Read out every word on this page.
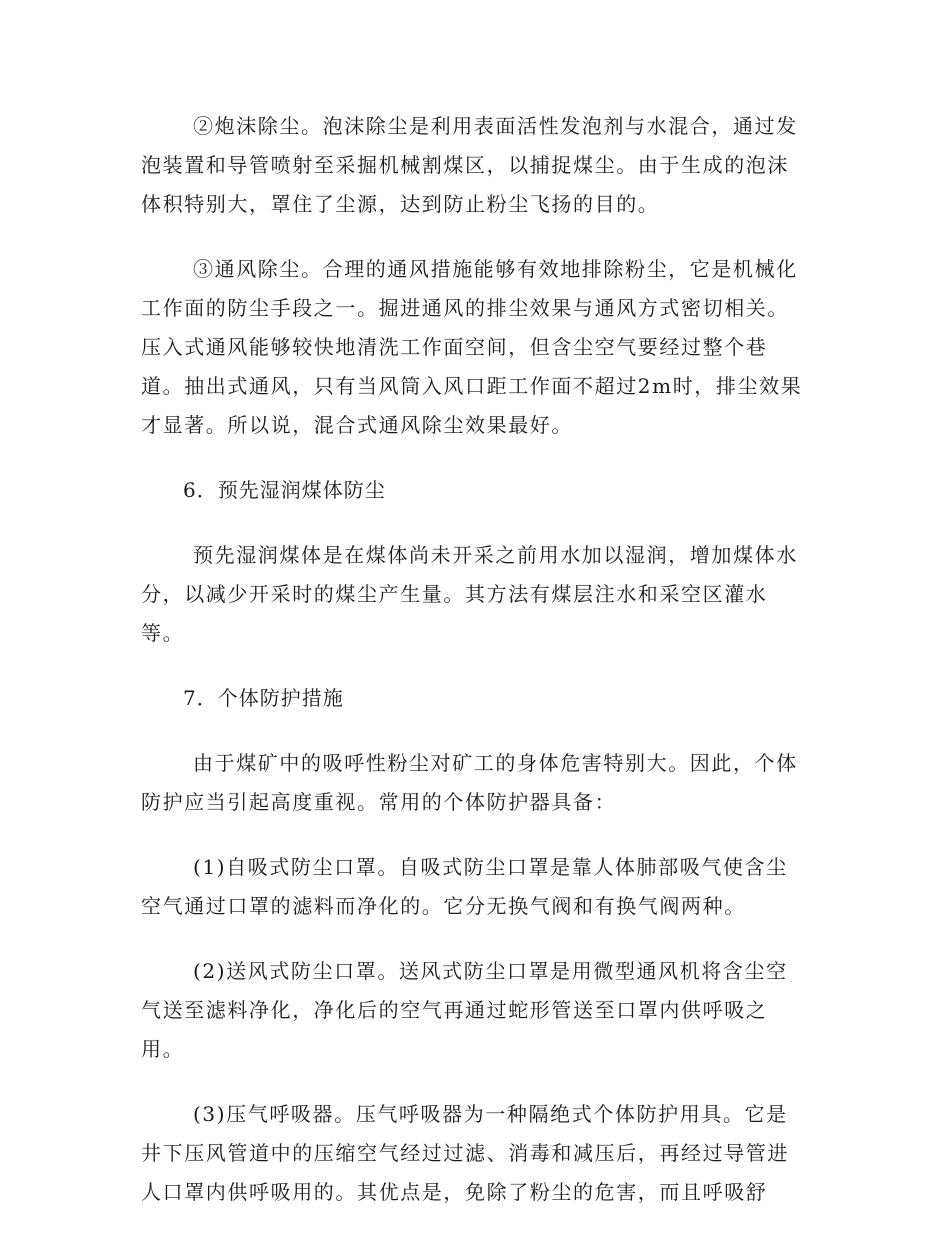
②炮沫除尘。泡沫除尘是利用表面活性发泡剂与水混合，通过发
泡装置和导管喷射至采掘机械割煤区，以捕捉煤尘。由于生成的泡沫
体积特别大，罩住了尘源，达到防止粉尘飞扬的目的。

③通风除尘。合理的通风措施能够有效地排除粉尘，它是机械化
工作面的防尘手段之一。掘进通风的排尘效果与通风方式密切相关。
压入式通风能够较快地清洗工作面空间，但含尘空气要经过整个巷
道。抽出式通风，只有当风筒入风口距工作面不超过2m时，排尘效果
才显著。所以说，混合式通风除尘效果最好。

6．预先湿润煤体防尘

预先湿润煤体是在煤体尚未开采之前用水加以湿润，增加煤体水
分，以减少开采时的煤尘产生量。其方法有煤层注水和采空区灌水
等。

7．个体防护措施

由于煤矿中的吸呼性粉尘对矿工的身体危害特别大。因此，个体
防护应当引起高度重视。常用的个体防护器具备：

(1)自吸式防尘口罩。自吸式防尘口罩是靠人体肺部吸气使含尘
空气通过口罩的滤料而净化的。它分无换气阀和有换气阀两种。

(2)送风式防尘口罩。送风式防尘口罩是用微型通风机将含尘空
气送至滤料净化，净化后的空气再通过蛇形管送至口罩内供呼吸之
用。

(3)压气呼吸器。压气呼吸器为一种隔绝式个体防护用具。它是
井下压风管道中的压缩空气经过过滤、消毒和减压后，再经过导管进
人口罩内供呼吸用的。其优点是，免除了粉尘的危害，而且呼吸舒
